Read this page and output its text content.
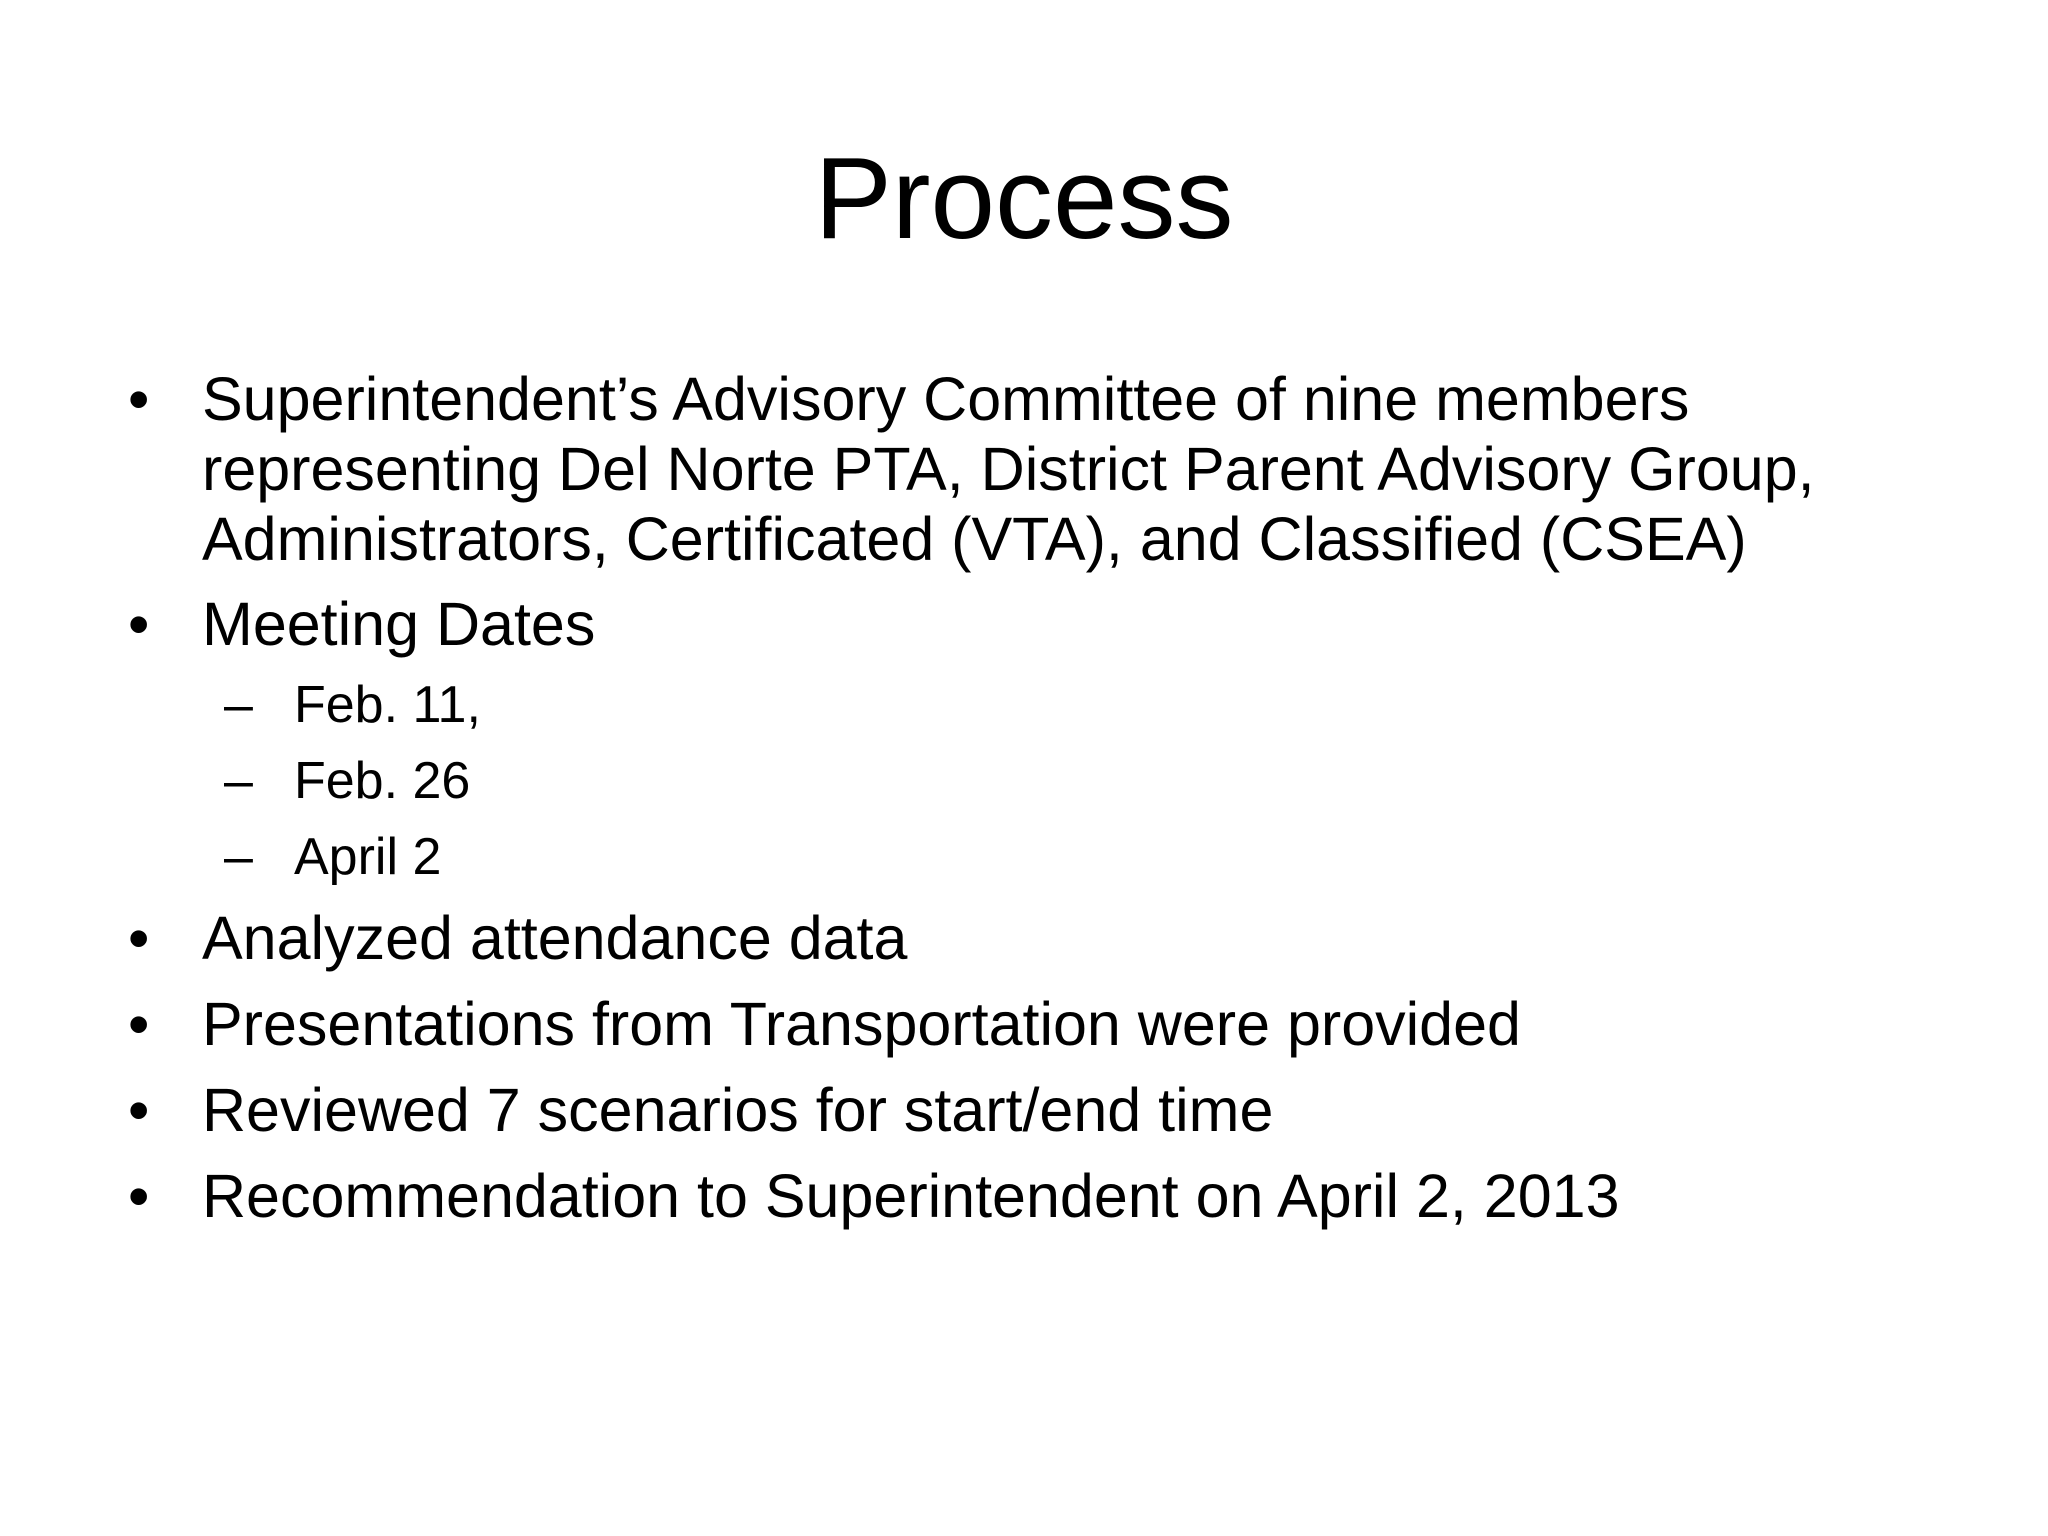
Process
• Superintendent’s Advisory Committee of nine members representing Del Norte PTA, District Parent Advisory Group, Administrators, Certificated (VTA), and Classified (CSEA)
• Meeting Dates
– Feb. 11,
– Feb. 26
– April 2
• Analyzed attendance data
• Presentations from Transportation were provided
• Reviewed 7 scenarios for start/end time
• Recommendation to Superintendent on April 2, 2013
